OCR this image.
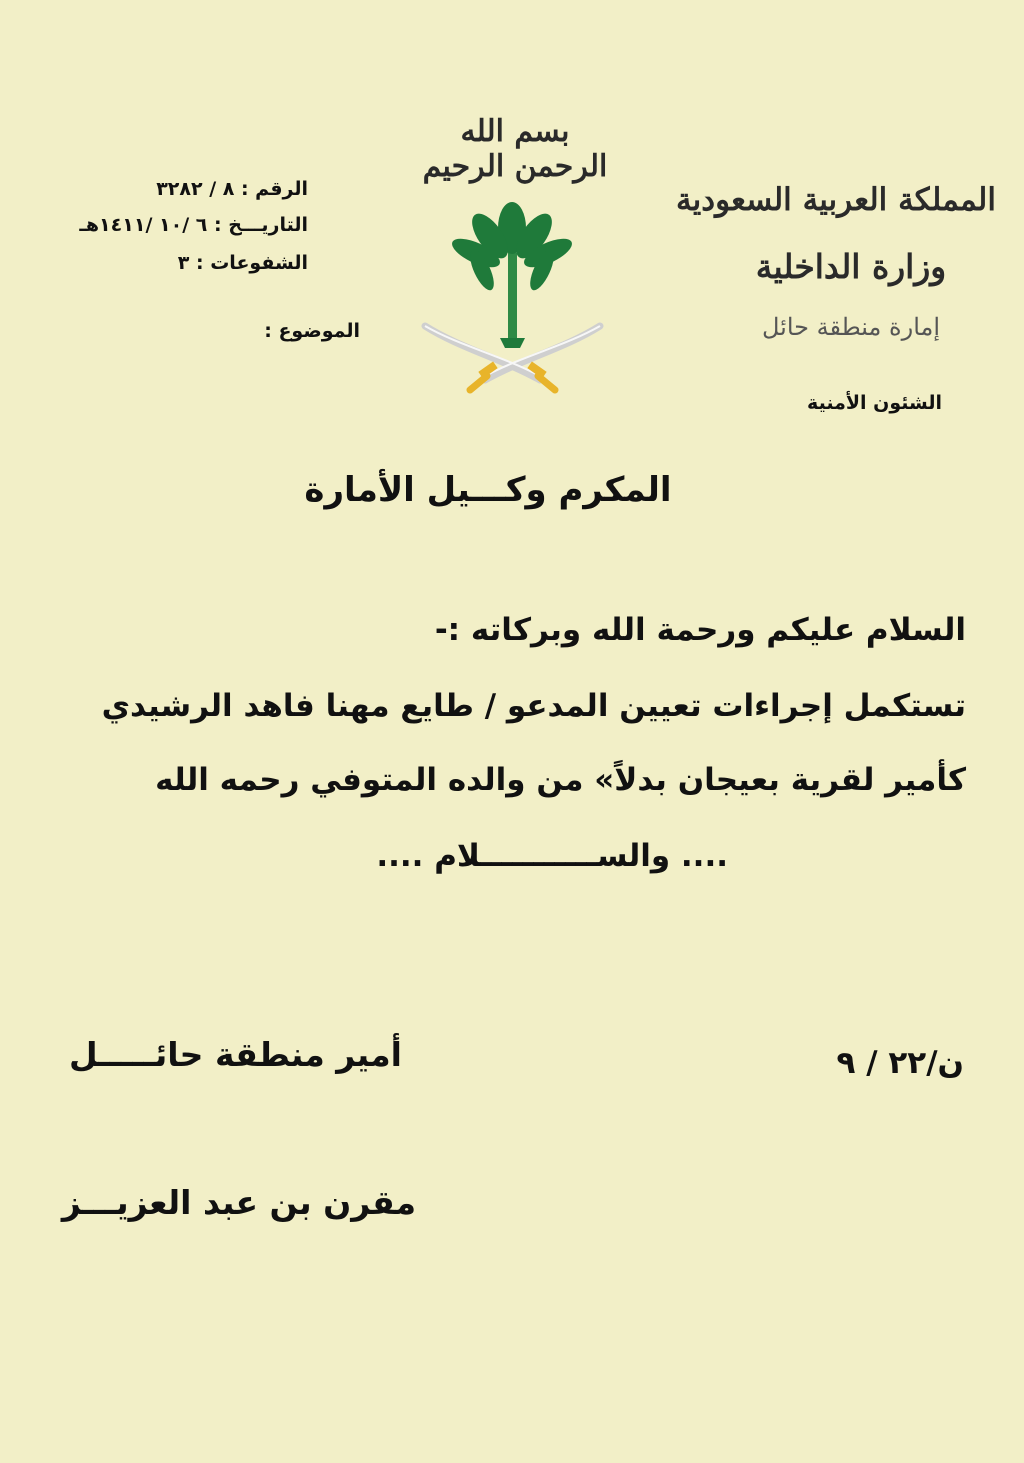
بسم الله الرحمن الرحيم
المملكة العربية السعودية
وزارة الداخلية
إمارة منطقة حائل
الشئون الأمنية
الرقم : ٨ / ٣٢٨٢
التاريـــخ : ٦ /١٠ /١٤١١هـ
الشفوعات : ٣
الموضوع :
المكرم وكـــيل الأمارة
السلام عليكم ورحمة الله وبركاته :-
تستكمل إجراءات تعيين المدعو / طايع مهنا فاهد الرشيدي
كأمير لقرية بعيجان بدلاً» من والده المتوفي رحمه الله
.... والســـــــــــلام ....
ن/٢٢ / ٩
أمير منطقة حائـــــل
مقرن بن عبد العزيـــز
